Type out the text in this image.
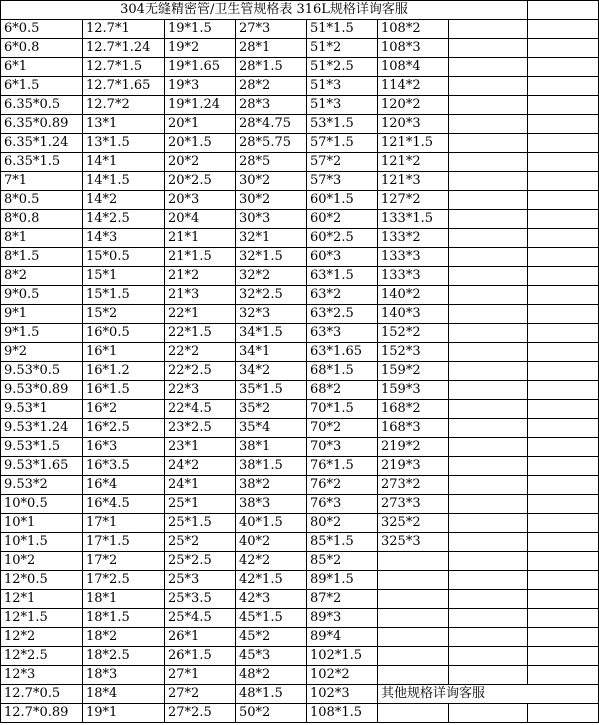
304无缝精密管/卫生管规格表 316L规格详询客服							
6*0.5	12.7*1	19*1.5	27*3	51*1.5	108*2		
6*0.8	12.7*1.24	19*2	28*1	51*2	108*3		
6*1	12.7*1.5	19*1.65	28*1.5	51*2.5	108*4		
6*1.5	12.7*1.65	19*3	28*2	51*3	114*2		
6.35*0.5	12.7*2	19*1.24	28*3	51*3	120*2		
6.35*0.89	13*1	20*1	28*4.75	53*1.5	120*3		
6.35*1.24	13*1.5	20*1.5	28*5.75	57*1.5	121*1.5		
6.35*1.5	14*1	20*2	28*5	57*2	121*2		
7*1	14*1.5	20*2.5	30*2	57*3	121*3		
8*0.5	14*2	20*3	30*2	60*1.5	127*2		
8*0.8	14*2.5	20*4	30*3	60*2	133*1.5		
8*1	14*3	21*1	32*1	60*2.5	133*2		
8*1.5	15*0.5	21*1.5	32*1.5	60*3	133*3		
8*2	15*1	21*2	32*2	63*1.5	133*3		
9*0.5	15*1.5	21*3	32*2.5	63*2	140*2		
9*1	15*2	22*1	32*3	63*2.5	140*3		
9*1.5	16*0.5	22*1.5	34*1.5	63*3	152*2		
9*2	16*1	22*2	34*1	63*1.65	152*3		
9.53*0.5	16*1.2	22*2.5	34*2	68*1.5	159*2		
9.53*0.89	16*1.5	22*3	35*1.5	68*2	159*3		
9.53*1	16*2	22*4.5	35*2	70*1.5	168*2		
9.53*1.24	16*2.5	23*2.5	35*4	70*2	168*3		
9.53*1.5	16*3	23*1	38*1	70*3	219*2		
9.53*1.65	16*3.5	24*2	38*1.5	76*1.5	219*3		
9.53*2	16*4	24*1	38*2	76*2	273*2		
10*0.5	16*4.5	25*1	38*3	76*3	273*3		
10*1	17*1	25*1.5	40*1.5	80*2	325*2		
10*1.5	17*1.5	25*2	40*2	85*1.5	325*3		
10*2	17*2	25*2.5	42*2	85*2			
12*0.5	17*2.5	25*3	42*1.5	89*1.5			
12*1	18*1	25*3.5	42*3	87*2			
12*1.5	18*1.5	25*4.5	45*1.5	89*3			
12*2	18*2	26*1	45*2	89*4			
12*2.5	18*2.5	26*1.5	45*3	102*1.5			
12*3	18*3	27*1	48*2	102*2			
12.7*0.5	18*4	27*2	48*1.5	102*3	其他规格详询客服		
12.7*0.89	19*1	27*2.5	50*2	108*1.5			
